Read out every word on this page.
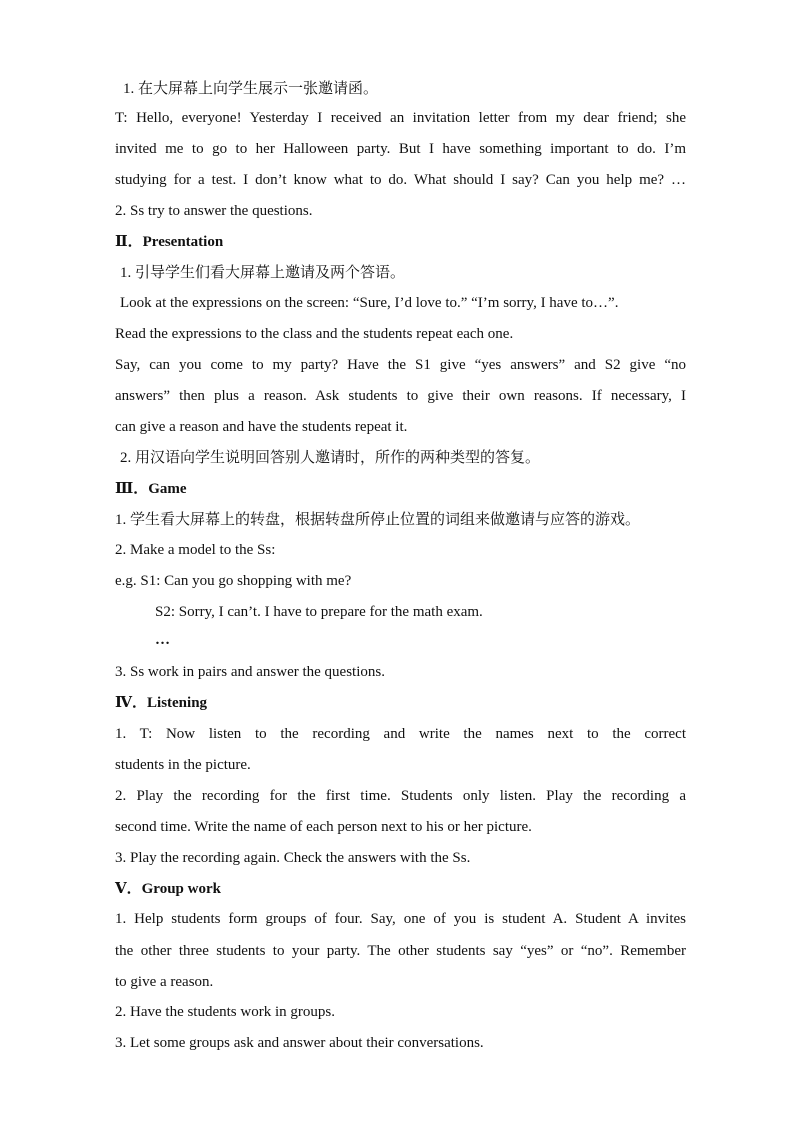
1. 在大屏幕上向学生展示一张邀请函。
T: Hello, everyone! Yesterday I received an invitation letter from my dear friend; she
invited me to go to her Halloween party. But I have something important to do. I’m
studying for a test. I don’t know what to do. What should I say? Can you help me? …
2. Ss try to answer the questions.
Ⅱ．Presentation
1. 引导学生们看大屏幕上邀请及两个答语。
Look at the expressions on the screen: “Sure, I’d love to.” “I’m sorry, I have to…”.
Read the expressions to the class and the students repeat each one.
Say, can you come to my party? Have the S1 give “yes answers” and S2 give “no
answers” then plus a reason. Ask students to give their own reasons. If necessary, I
can give a reason and have the students repeat it.
2. 用汉语向学生说明回答别人邀请时，所作的两种类型的答复。
Ⅲ．Game
1. 学生看大屏幕上的转盘，根据转盘所停止位置的词组来做邀请与应答的游戏。
2. Make a model to the Ss:
e.g. S1: Can you go shopping with me?
S2: Sorry, I can’t. I have to prepare for the math exam.
…
3. Ss work in pairs and answer the questions.
Ⅳ．Listening
1. T: Now listen to the recording and write the names next to the correct
students in the picture.
2. Play the recording for the first time. Students only listen. Play the recording a
second time. Write the name of each person next to his or her picture.
3. Play the recording again. Check the answers with the Ss.
Ⅴ．Group work
1. Help students form groups of four. Say, one of you is student A. Student A invites
the other three students to your party. The other students say “yes” or “no”. Remember
to give a reason.
2. Have the students work in groups.
3. Let some groups ask and answer about their conversations.
